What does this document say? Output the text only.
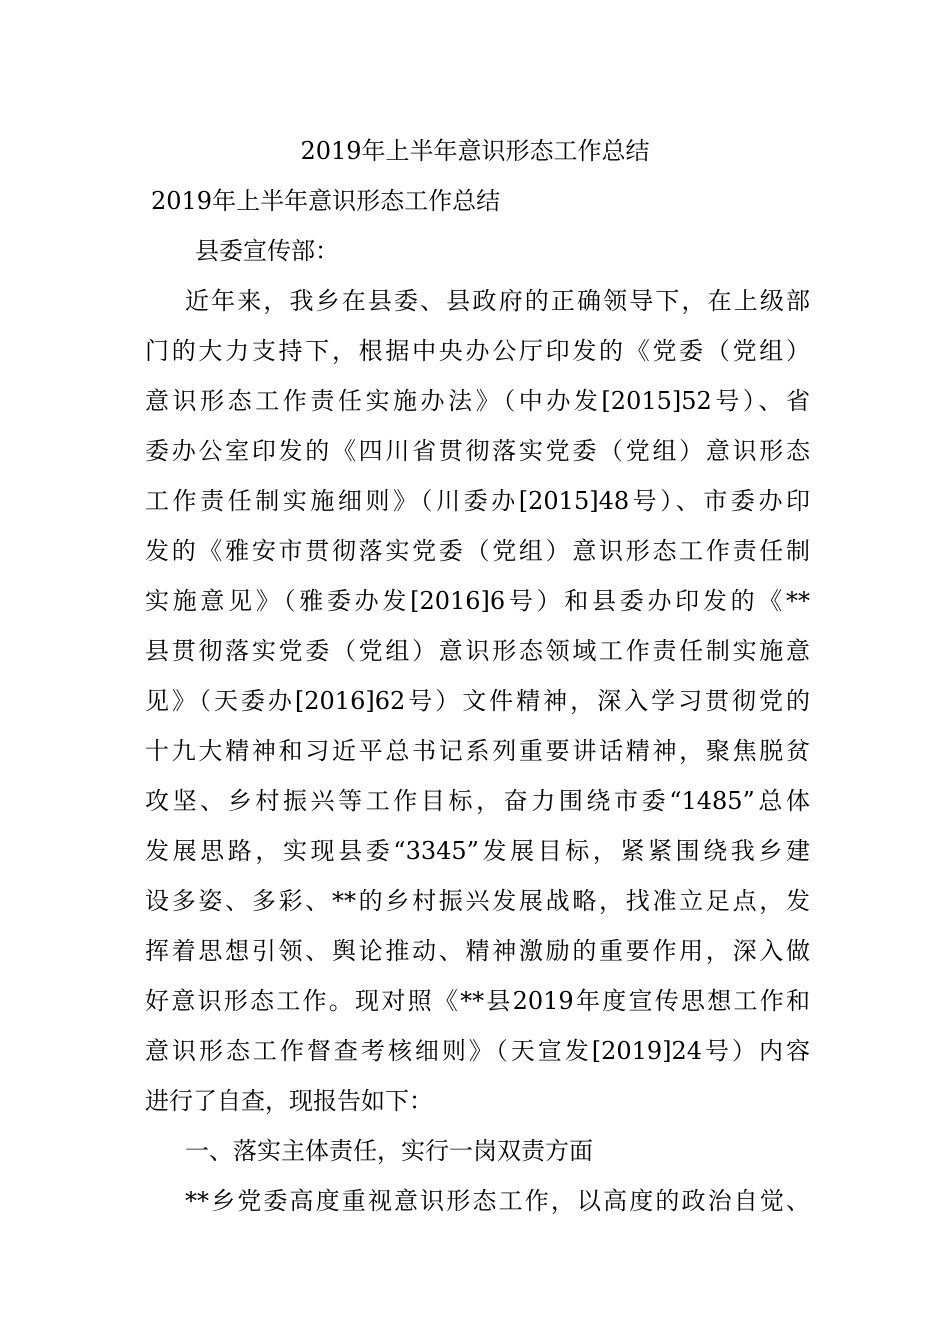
2019年上半年意识形态工作总结
2019年上半年意识形态工作总结
县委宣传部：
近年来，我乡在县委、县政府的正确领导下，在上级部
门的大力支持下，根据中央办公厅印发的《党委（党组）
意识形态工作责任实施办法》（中办发[2015]52号）、省
委办公室印发的《四川省贯彻落实党委（党组）意识形态
工作责任制实施细则》（川委办[2015]48号）、市委办印
发的《雅安市贯彻落实党委（党组）意识形态工作责任制
实施意见》（雅委办发[2016]6号）和县委办印发的《**
县贯彻落实党委（党组）意识形态领域工作责任制实施意
见》（天委办[2016]62号）文件精神，深入学习贯彻党的
十九大精神和习近平总书记系列重要讲话精神，聚焦脱贫
攻坚、乡村振兴等工作目标，奋力围绕市委“1485”总体
发展思路，实现县委“3345”发展目标，紧紧围绕我乡建
设多姿、多彩、**的乡村振兴发展战略，找准立足点，发
挥着思想引领、舆论推动、精神激励的重要作用，深入做
好意识形态工作。现对照《**县2019年度宣传思想工作和
意识形态工作督查考核细则》（天宣发[2019]24号）内容
进行了自查，现报告如下：
一、落实主体责任，实行一岗双责方面
**乡党委高度重视意识形态工作，以高度的政治自觉、
